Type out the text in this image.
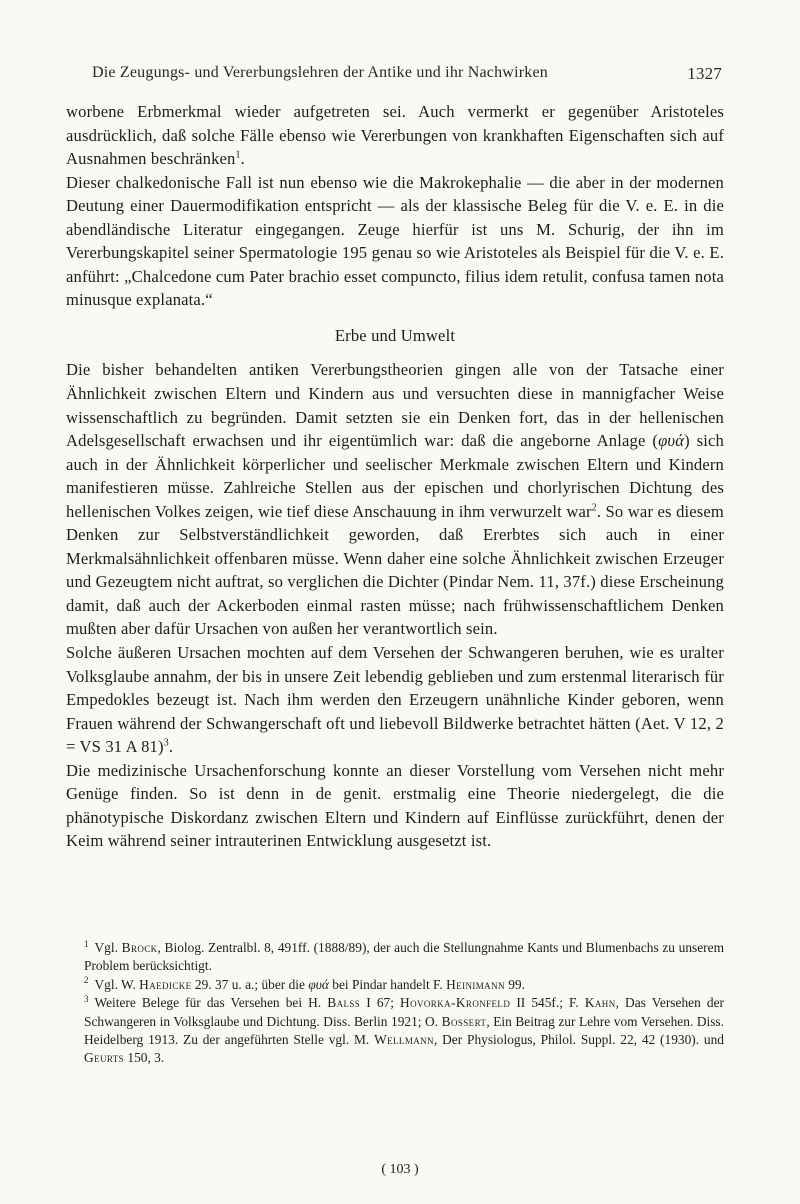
Die Zeugungs- und Vererbungslehren der Antike und ihr Nachwirken	1327

worbene Erbmerkmal wieder aufgetreten sei. Auch vermerkt er gegenüber Aristoteles ausdrücklich, daß solche Fälle ebenso wie Vererbungen von krankhaften Eigenschaften sich auf Ausnahmen beschränken$^1$.

Dieser chalkedonische Fall ist nun ebenso wie die Makrokephalie — die aber in der modernen Deutung einer Dauermodifikation entspricht — als der klassische Beleg für die V. e. E. in die abendländische Literatur eingegangen. Zeuge hierfür ist uns M. Schurig, der ihn im Vererbungskapitel seiner Spermatologie 195 genau so wie Aristoteles als Beispiel für die V. e. E. anführt: „Chalcedone cum Pater brachio esset compuncto, filius idem retulit, confusa tamen nota minusque explanata.“

Erbe und Umwelt

Die bisher behandelten antiken Vererbungstheorien gingen alle von der Tatsache einer Ähnlichkeit zwischen Eltern und Kindern aus und versuchten diese in mannigfacher Weise wissenschaftlich zu begründen. Damit setzten sie ein Denken fort, das in der hellenischen Adelsgesellschaft erwachsen und ihr eigentümlich war: daß die angeborne Anlage (φυά) sich auch in der Ähnlichkeit körperlicher und seelischer Merkmale zwischen Eltern und Kindern manifestieren müsse. Zahlreiche Stellen aus der epischen und chorlyrischen Dichtung des hellenischen Volkes zeigen, wie tief diese Anschauung in ihm verwurzelt war$^2$. So war es diesem Denken zur Selbstverständlichkeit geworden, daß Ererbtes sich auch in einer Merkmalsähnlichkeit offenbaren müsse. Wenn daher eine solche Ähnlichkeit zwischen Erzeuger und Gezeugtem nicht auftrat, so verglichen die Dichter (Pindar Nem. 11, 37f.) diese Erscheinung damit, daß auch der Ackerboden einmal rasten müsse; nach frühwissenschaftlichem Denken mußten aber dafür Ursachen von außen her verantwortlich sein.

Solche äußeren Ursachen mochten auf dem Versehen der Schwangeren beruhen, wie es uralter Volksglaube annahm, der bis in unsere Zeit lebendig geblieben und zum erstenmal literarisch für Empedokles bezeugt ist. Nach ihm werden den Erzeugern unähnliche Kinder geboren, wenn Frauen während der Schwangerschaft oft und liebevoll Bildwerke betrachtet hätten (Aet. V 12, 2 = VS 31 A 81)$^3$.

Die medizinische Ursachenforschung konnte an dieser Vorstellung vom Versehen nicht mehr Genüge finden. So ist denn in de genit. erstmalig eine Theorie niedergelegt, die die phänotypische Diskordanz zwischen Eltern und Kindern auf Einflüsse zurückführt, denen der Keim während seiner intrauterinen Entwicklung ausgesetzt ist.

$^1$ Vgl. Brock, Biolog. Zentralbl. 8, 491ff. (1888/89), der auch die Stellungnahme Kants und Blumenbachs zu unserem Problem berücksichtigt.

$^2$ Vgl. W. Haedicke 29. 37 u. a.; über die φυά bei Pindar handelt F. Heinimann 99.

$^3$ Weitere Belege für das Versehen bei H. Balss I 67; Hovorka-Kronfeld II 545f.; F. Kahn, Das Versehen der Schwangeren in Volksglaube und Dichtung. Diss. Berlin 1921; O. Bossert, Ein Beitrag zur Lehre vom Versehen. Diss. Heidelberg 1913. Zu der angeführten Stelle vgl. M. Wellmann, Der Physiologus, Philol. Suppl. 22, 42 (1930). und Geurts 150, 3.

( 103 )
